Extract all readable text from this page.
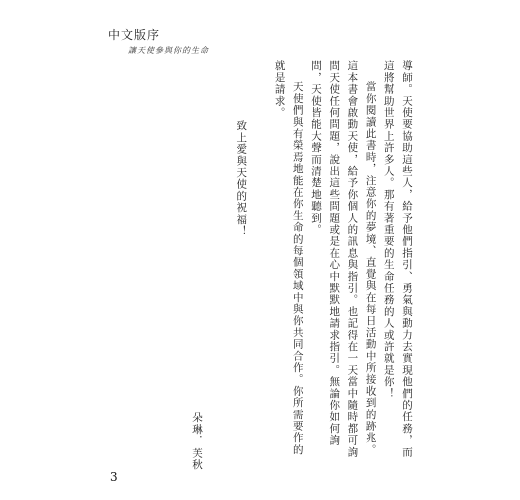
中文版序
讓天使參與你的生命

導師。天使要協助這些人，給予他們指引、勇氣與動力去實現他們的任務，而這將幫助世界上許多人。那有著重要的生命任務的人或許就是你！

當你閱讀此書時，注意你的夢境、直覺與在每日活動中所接收到的跡兆。這本書會啟動天使，給予你個人的訊息與指引。也記得在一天當中隨時都可詢問天使任何問題，說出這些問題或是在心中默默地請求指引。無論你如何詢問，天使皆能大聲而清楚地聽到。

天使們與有榮焉地能在你生命的每個領域中與你共同合作。你所需要作的就是請求。

致上愛與天使的祝福！

朵琳．芙秋
3
